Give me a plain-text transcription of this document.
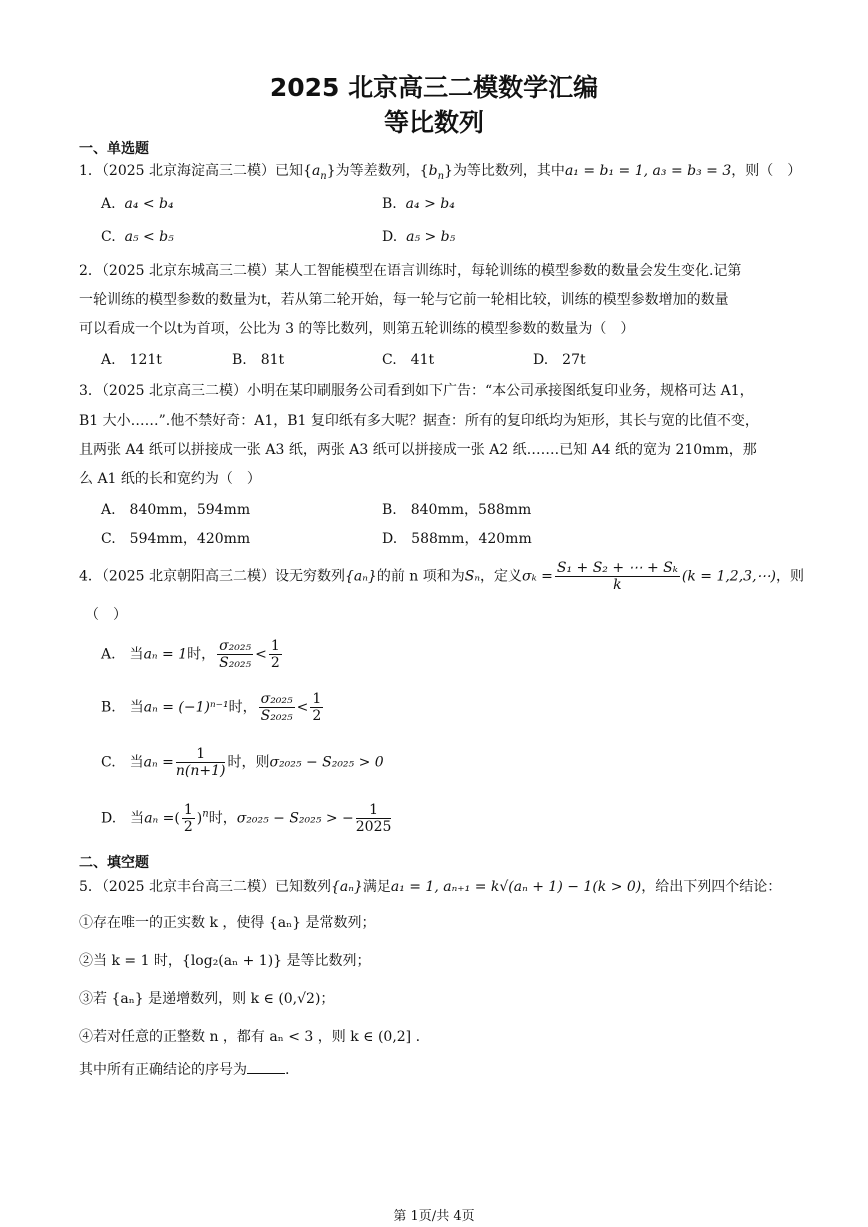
2025 北京高三二模数学汇编
等比数列
一、单选题
1．（2025 北京海淀高三二模）已知$\{a_n\}$为等差数列，$\{b_n\}$为等比数列，其中a₁ = b₁ = 1, a₃ = b₃ = 3，则（　）
A. a₄ < b₄	B. a₄ > b₄
C. a₅ < b₅	D. a₅ > b₅
2．（2025 北京东城高三二模）某人工智能模型在语言训练时，每轮训练的模型参数的数量会发生变化.记第
一轮训练的模型参数的数量为t，若从第二轮开始，每一轮与它前一轮相比较，训练的模型参数增加的数量
可以看成一个以t为首项，公比为 3 的等比数列，则第五轮训练的模型参数的数量为（　）
A.　121t	B.　81t	C.　41t	D.　27t
3．（2025 北京高三二模）小明在某印刷服务公司看到如下广告：“本公司承接图纸复印业务，规格可达 A1，
B1 大小……”.他不禁好奇：A1，B1 复印纸有多大呢？据查：所有的复印纸均为矩形，其长与宽的比值不变，
且两张 A4 纸可以拼接成一张 A3 纸，两张 A3 纸可以拼接成一张 A2 纸…….已知 A4 纸的宽为 210mm，那
么 A1 纸的长和宽约为（　）
A.　840mm，594mm	B.　840mm，588mm
C.　594mm，420mm	D.　588mm，420mm
4．（2025 北京朝阳高三二模）设无穷数列{aₙ}的前 n 项和为Sₙ，定义$\sigma_k = \frac{\text{S₁ + S₂ + ⋯ + Sₖ}}{k} (k$ = 1,2,3,⋯)，则
（　）
A.　当aₙ = 1时， $\frac{\text{σ₂₀₂₅}}{\text{S₂₀₂₅}} < \frac{1}{2}$
B.　当aₙ = (−1)ⁿ⁻¹时， $\frac{\text{σ₂₀₂₅}}{\text{S₂₀₂₅}} < \frac{1}{2}$
C.　当$a_n = \frac{1}{n(n+1)}$ 时，则σ₂₀₂₅ − S₂₀₂₅ > 0
D.　当aₙ =( $\frac{1}{2} )^n$时，σ₂₀₂₅ − S₂₀₂₅ > − $\frac{1}{2025}$
二、填空题
5．（2025 北京丰台高三二模）已知数列{aₙ}满足a₁ = 1, aₙ₊₁ = k√(aₙ + 1) − 1(k > 0)，给出下列四个结论：
①存在唯一的正实数 k ，使得 {aₙ} 是常数列；
②当 k = 1 时，{log₂(aₙ + 1)} 是等比数列；
③若 {aₙ} 是递增数列，则 k ∈ (0,√2)；
④若对任意的正整数 n ，都有 aₙ < 3 ，则 k ∈ (0,2] .
其中所有正确结论的序号为	.
第 1页/共 4页
